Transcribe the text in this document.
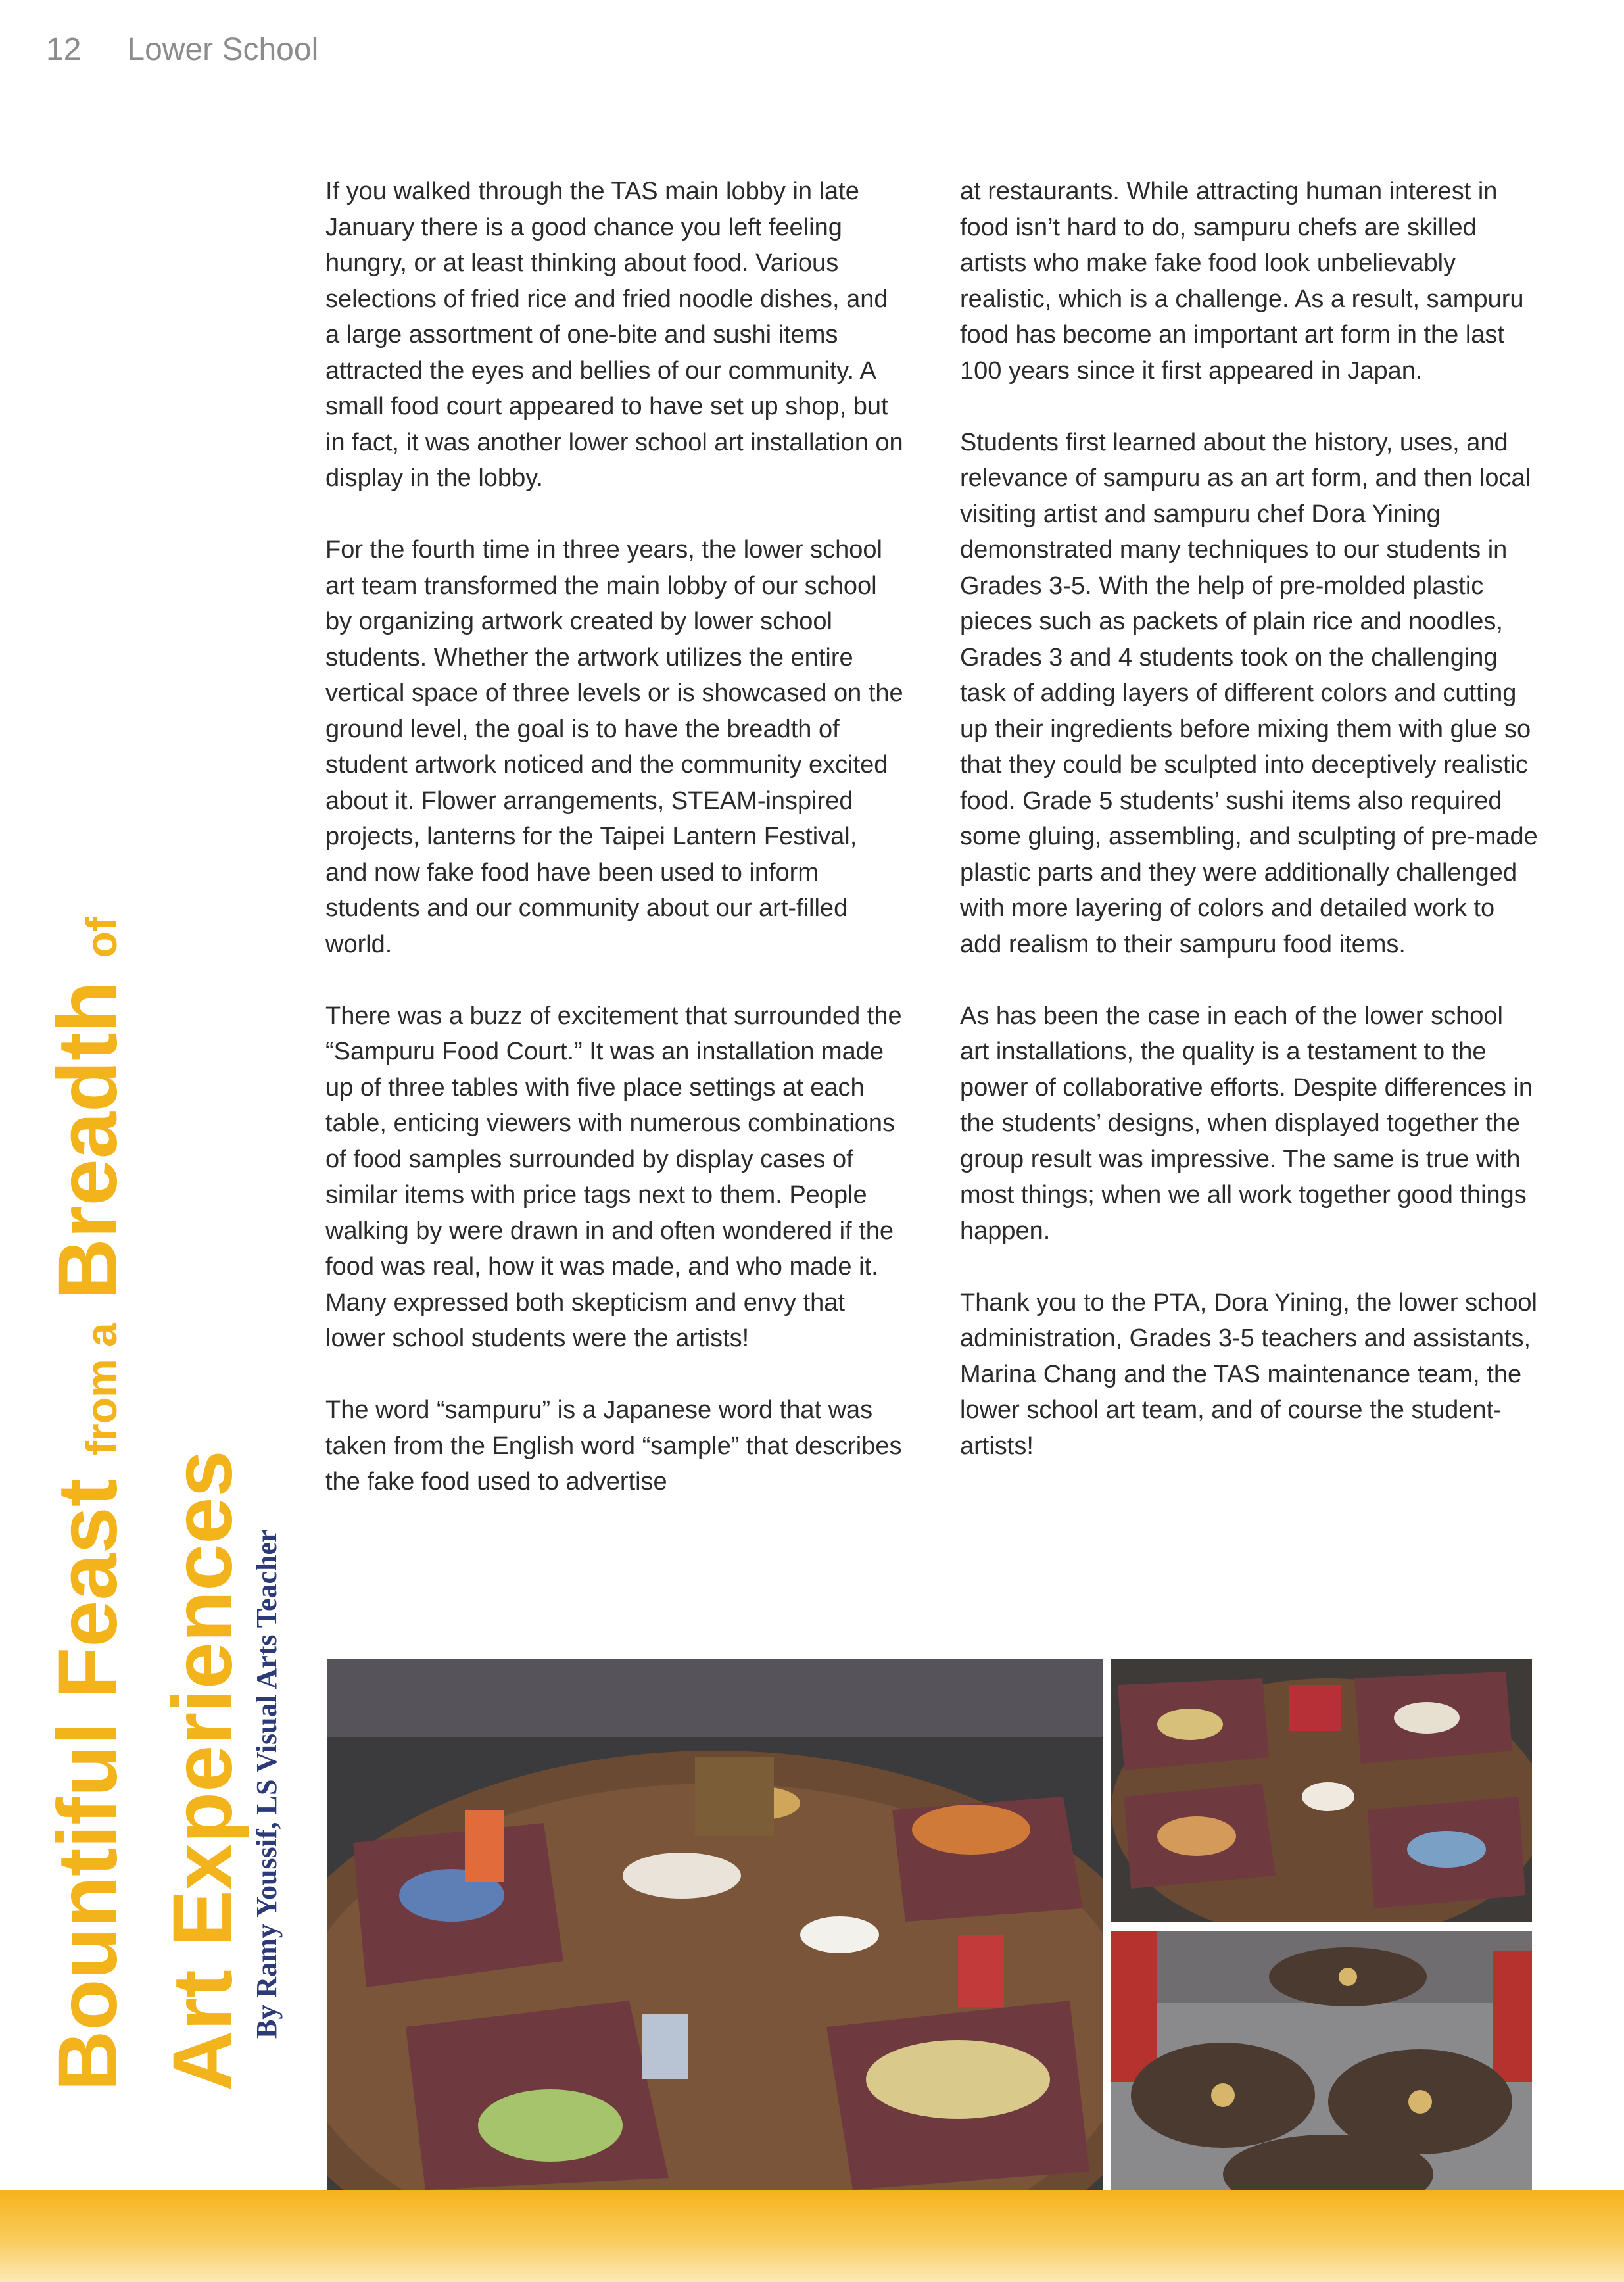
12 Lower School
Bountiful Feast from a Breadth of
Art Experiences By Ramy Youssif, LS Visual Arts Teacher

If you walked through the TAS main lobby in late January there is a good chance you left feeling hungry, or at least thinking about food. Various selections of fried rice and fried noodle dishes, and a large assortment of one-bite and sushi items attracted the eyes and bellies of our community. A small food court appeared to have set up shop, but in fact, it was another lower school art installation on display in the lobby.

For the fourth time in three years, the lower school art team transformed the main lobby of our school by organizing artwork created by lower school students. Whether the artwork utilizes the entire vertical space of three levels or is showcased on the ground level, the goal is to have the breadth of student artwork noticed and the community excited about it. Flower arrangements, STEAM-inspired projects, lanterns for the Taipei Lantern Festival, and now fake food have been used to inform students and our community about our art-filled world.

There was a buzz of excitement that surrounded the “Sampuru Food Court.” It was an installation made up of three tables with five place settings at each table, enticing viewers with numerous combinations of food samples surrounded by display cases of similar items with price tags next to them. People walking by were drawn in and often wondered if the food was real, how it was made, and who made it. Many expressed both skepticism and envy that lower school students were the artists!

The word “sampuru” is a Japanese word that was taken from the English word “sample” that describes the fake food used to advertise

at restaurants. While attracting human interest in food isn’t hard to do, sampuru chefs are skilled artists who make fake food look unbelievably realistic, which is a challenge. As a result, sampuru food has become an important art form in the last 100 years since it first appeared in Japan.

Students first learned about the history, uses, and relevance of sampuru as an art form, and then local visiting artist and sampuru chef Dora Yining demonstrated many techniques to our students in Grades 3-5. With the help of pre-molded plastic pieces such as packets of plain rice and noodles, Grades 3 and 4 students took on the challenging task of adding layers of different colors and cutting up their ingredients before mixing them with glue so that they could be sculpted into deceptively realistic food. Grade 5 students’ sushi items also required some gluing, assembling, and sculpting of pre-made plastic parts and they were additionally challenged with more layering of colors and detailed work to add realism to their sampuru food items.

As has been the case in each of the lower school art installations, the quality is a testament to the power of collaborative efforts. Despite differences in the students’ designs, when displayed together the group result was impressive. The same is true with most things; when we all work together good things happen.

Thank you to the PTA, Dora Yining, the lower school administration, Grades 3-5 teachers and assistants, Marina Chang and the TAS maintenance team, the lower school art team, and of course the student-artists!
